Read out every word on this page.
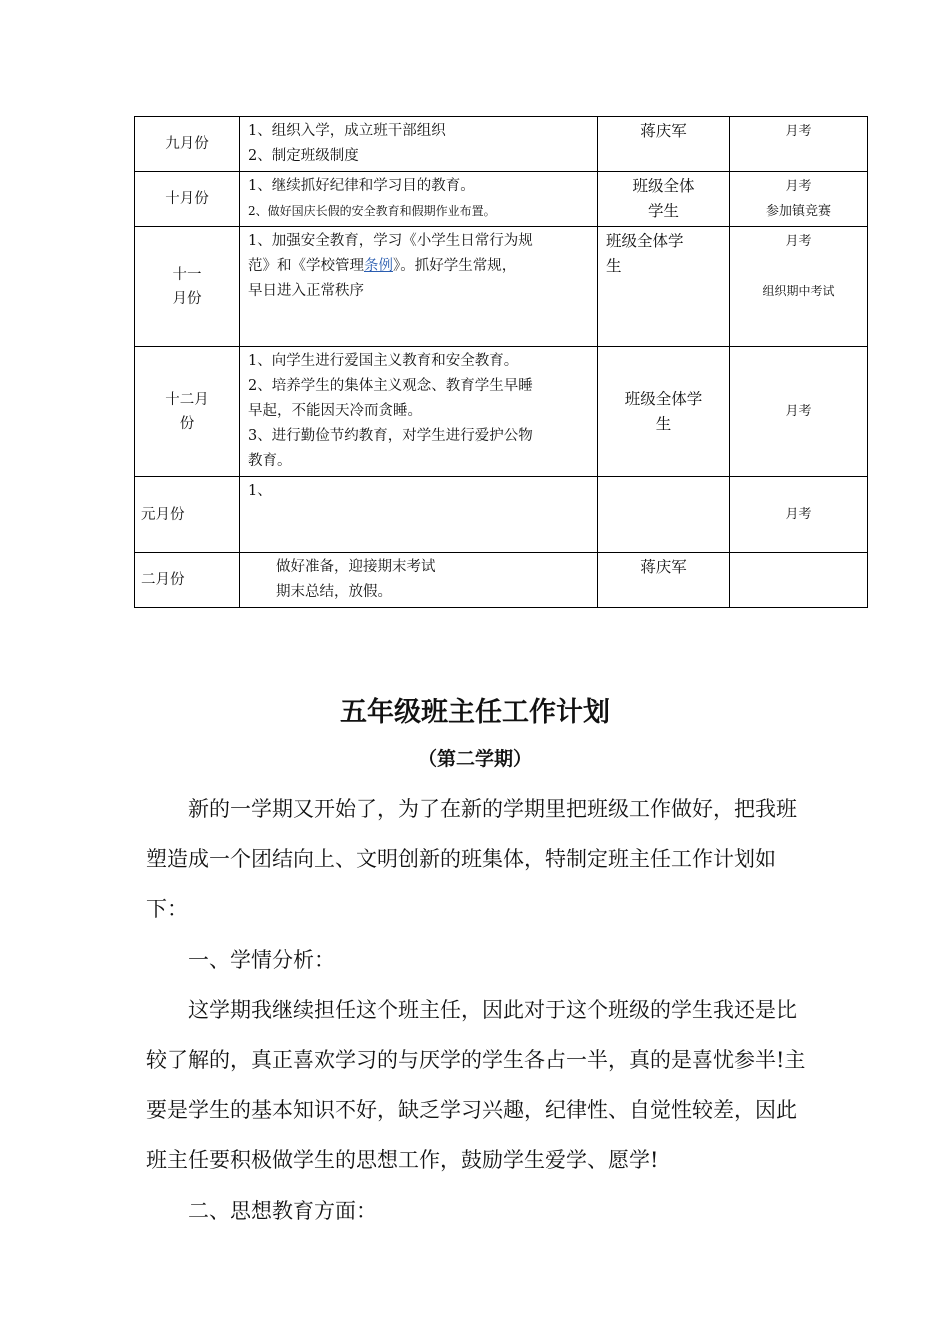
九月份	1、组织入学，成立班干部组织
2、制定班级制度	蒋庆军	月考

十月份	1、继续抓好纪律和学习目的教育。
2、做好国庆长假的安全教育和假期作业布置。	班级全体
学生	月考
参加镇竞赛

十一
月份	1、加强安全教育，学习《小学生日常行为规
范》和《学校管理条例》。抓好学生常规，
早日进入正常秩序	班级全体学
生	月考
组织期中考试

十二月
份	1、向学生进行爱国主义教育和安全教育。
2、培养学生的集体主义观念、教育学生早睡
早起，不能因天冷而贪睡。
3、进行勤俭节约教育，对学生进行爱护公物
教育。	班级全体学
生	月考

元月份	1、		月考

二月份	做好准备，迎接期末考试
期末总结，放假。	蒋庆军	

五年级班主任工作计划
（第二学期）

新的一学期又开始了，为了在新的学期里把班级工作做好，把我班塑造成一个团结向上、文明创新的班集体，特制定班主任工作计划如下：

一、学情分析：

这学期我继续担任这个班主任，因此对于这个班级的学生我还是比较了解的，真正喜欢学习的与厌学的学生各占一半，真的是喜忧参半!主要是学生的基本知识不好，缺乏学习兴趣，纪律性、自觉性较差，因此班主任要积极做学生的思想工作，鼓励学生爱学、愿学!

二、思想教育方面：
